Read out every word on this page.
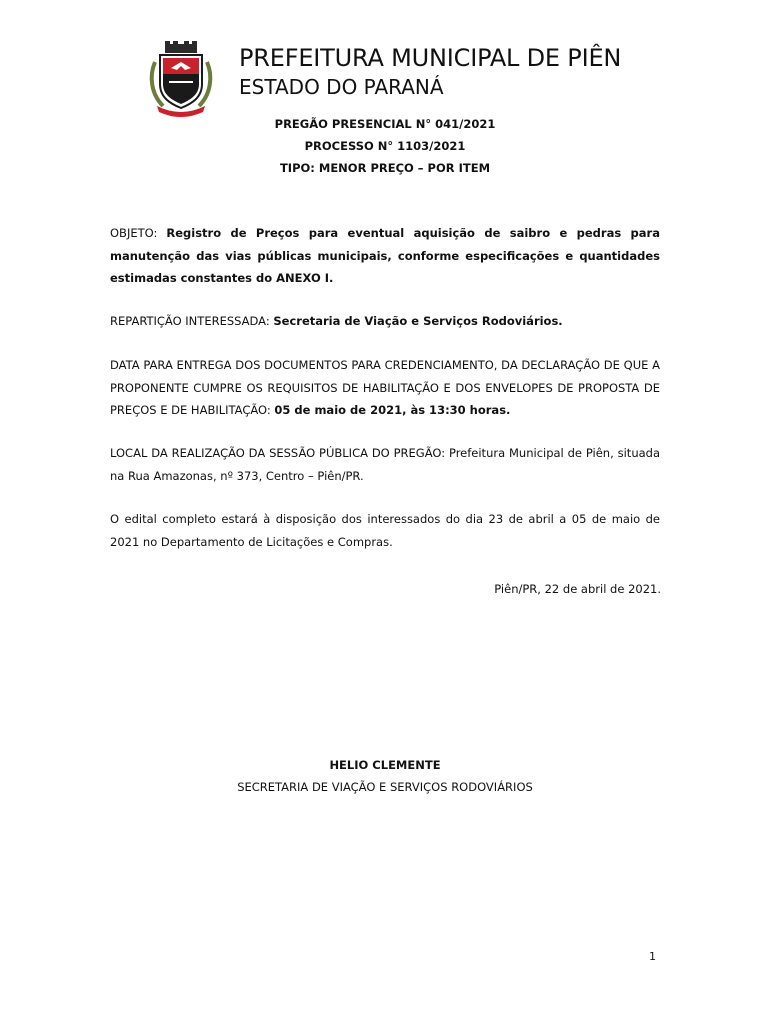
PREFEITURA MUNICIPAL DE PIÊN
ESTADO DO PARANÁ
PREGÃO PRESENCIAL N° 041/2021
PROCESSO N° 1103/2021
TIPO: MENOR PREÇO – POR ITEM
OBJETO: Registro de Preços para eventual aquisição de saibro e pedras para manutenção das vias públicas municipais, conforme especificações e quantidades estimadas constantes do ANEXO I.
REPARTIÇÃO INTERESSADA: Secretaria de Viação e Serviços Rodoviários.
DATA PARA ENTREGA DOS DOCUMENTOS PARA CREDENCIAMENTO, DA DECLARAÇÃO DE QUE A PROPONENTE CUMPRE OS REQUISITOS DE HABILITAÇÃO E DOS ENVELOPES DE PROPOSTA DE PREÇOS E DE HABILITAÇÃO: 05 de maio de 2021, às 13:30 horas.
LOCAL DA REALIZAÇÃO DA SESSÃO PÚBLICA DO PREGÃO: Prefeitura Municipal de Piên, situada na Rua Amazonas, nº 373, Centro – Piên/PR.
O edital completo estará à disposição dos interessados do dia 23 de abril a 05 de maio de 2021 no Departamento de Licitações e Compras.
Piên/PR, 22 de abril de 2021.
HELIO CLEMENTE
SECRETARIA DE VIAÇÃO E SERVIÇOS RODOVIÁRIOS
1
